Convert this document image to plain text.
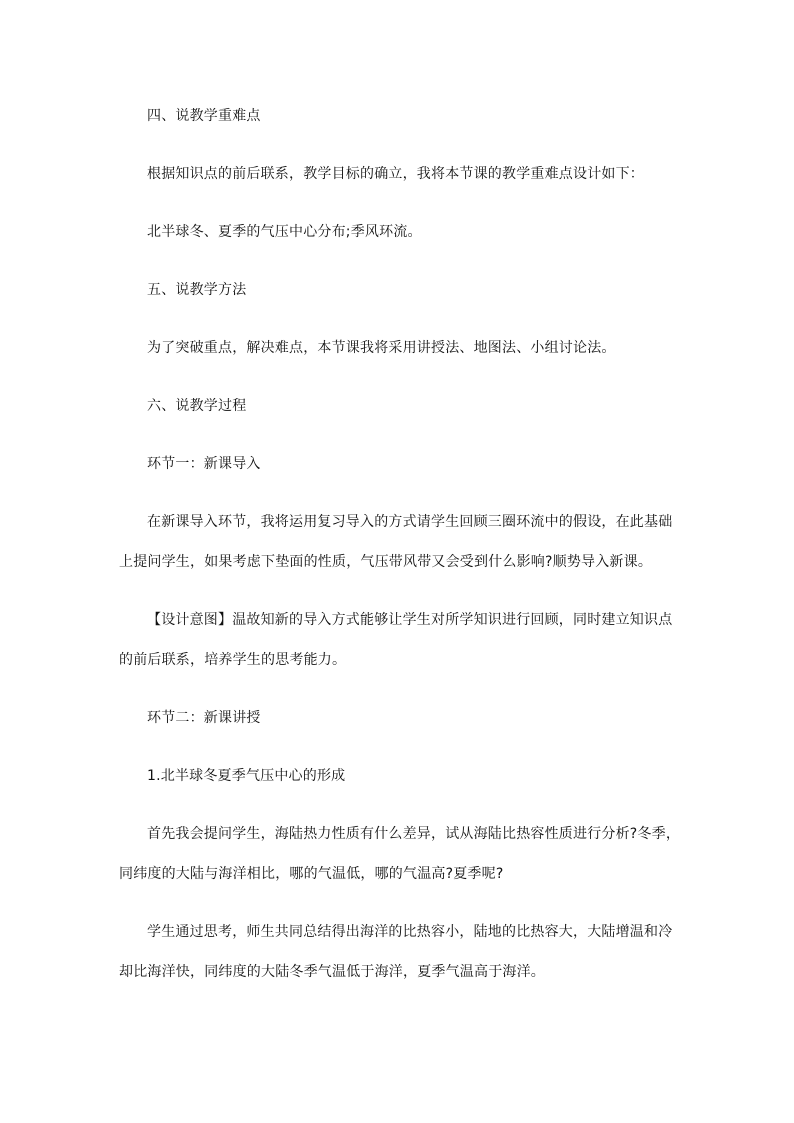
四、说教学重难点
根据知识点的前后联系，教学目标的确立，我将本节课的教学重难点设计如下：
北半球冬、夏季的气压中心分布;季风环流。
五、说教学方法
为了突破重点，解决难点，本节课我将采用讲授法、地图法、小组讨论法。
六、说教学过程
环节一：新课导入
在新课导入环节，我将运用复习导入的方式请学生回顾三圈环流中的假设，在此基础
上提问学生，如果考虑下垫面的性质，气压带风带又会受到什么影响?顺势导入新课。
【设计意图】温故知新的导入方式能够让学生对所学知识进行回顾，同时建立知识点
的前后联系，培养学生的思考能力。
环节二：新课讲授
1.北半球冬夏季气压中心的形成
首先我会提问学生，海陆热力性质有什么差异，试从海陆比热容性质进行分析?冬季，
同纬度的大陆与海洋相比，哪的气温低，哪的气温高?夏季呢?
学生通过思考，师生共同总结得出海洋的比热容小，陆地的比热容大，大陆增温和冷
却比海洋快，同纬度的大陆冬季气温低于海洋，夏季气温高于海洋。
